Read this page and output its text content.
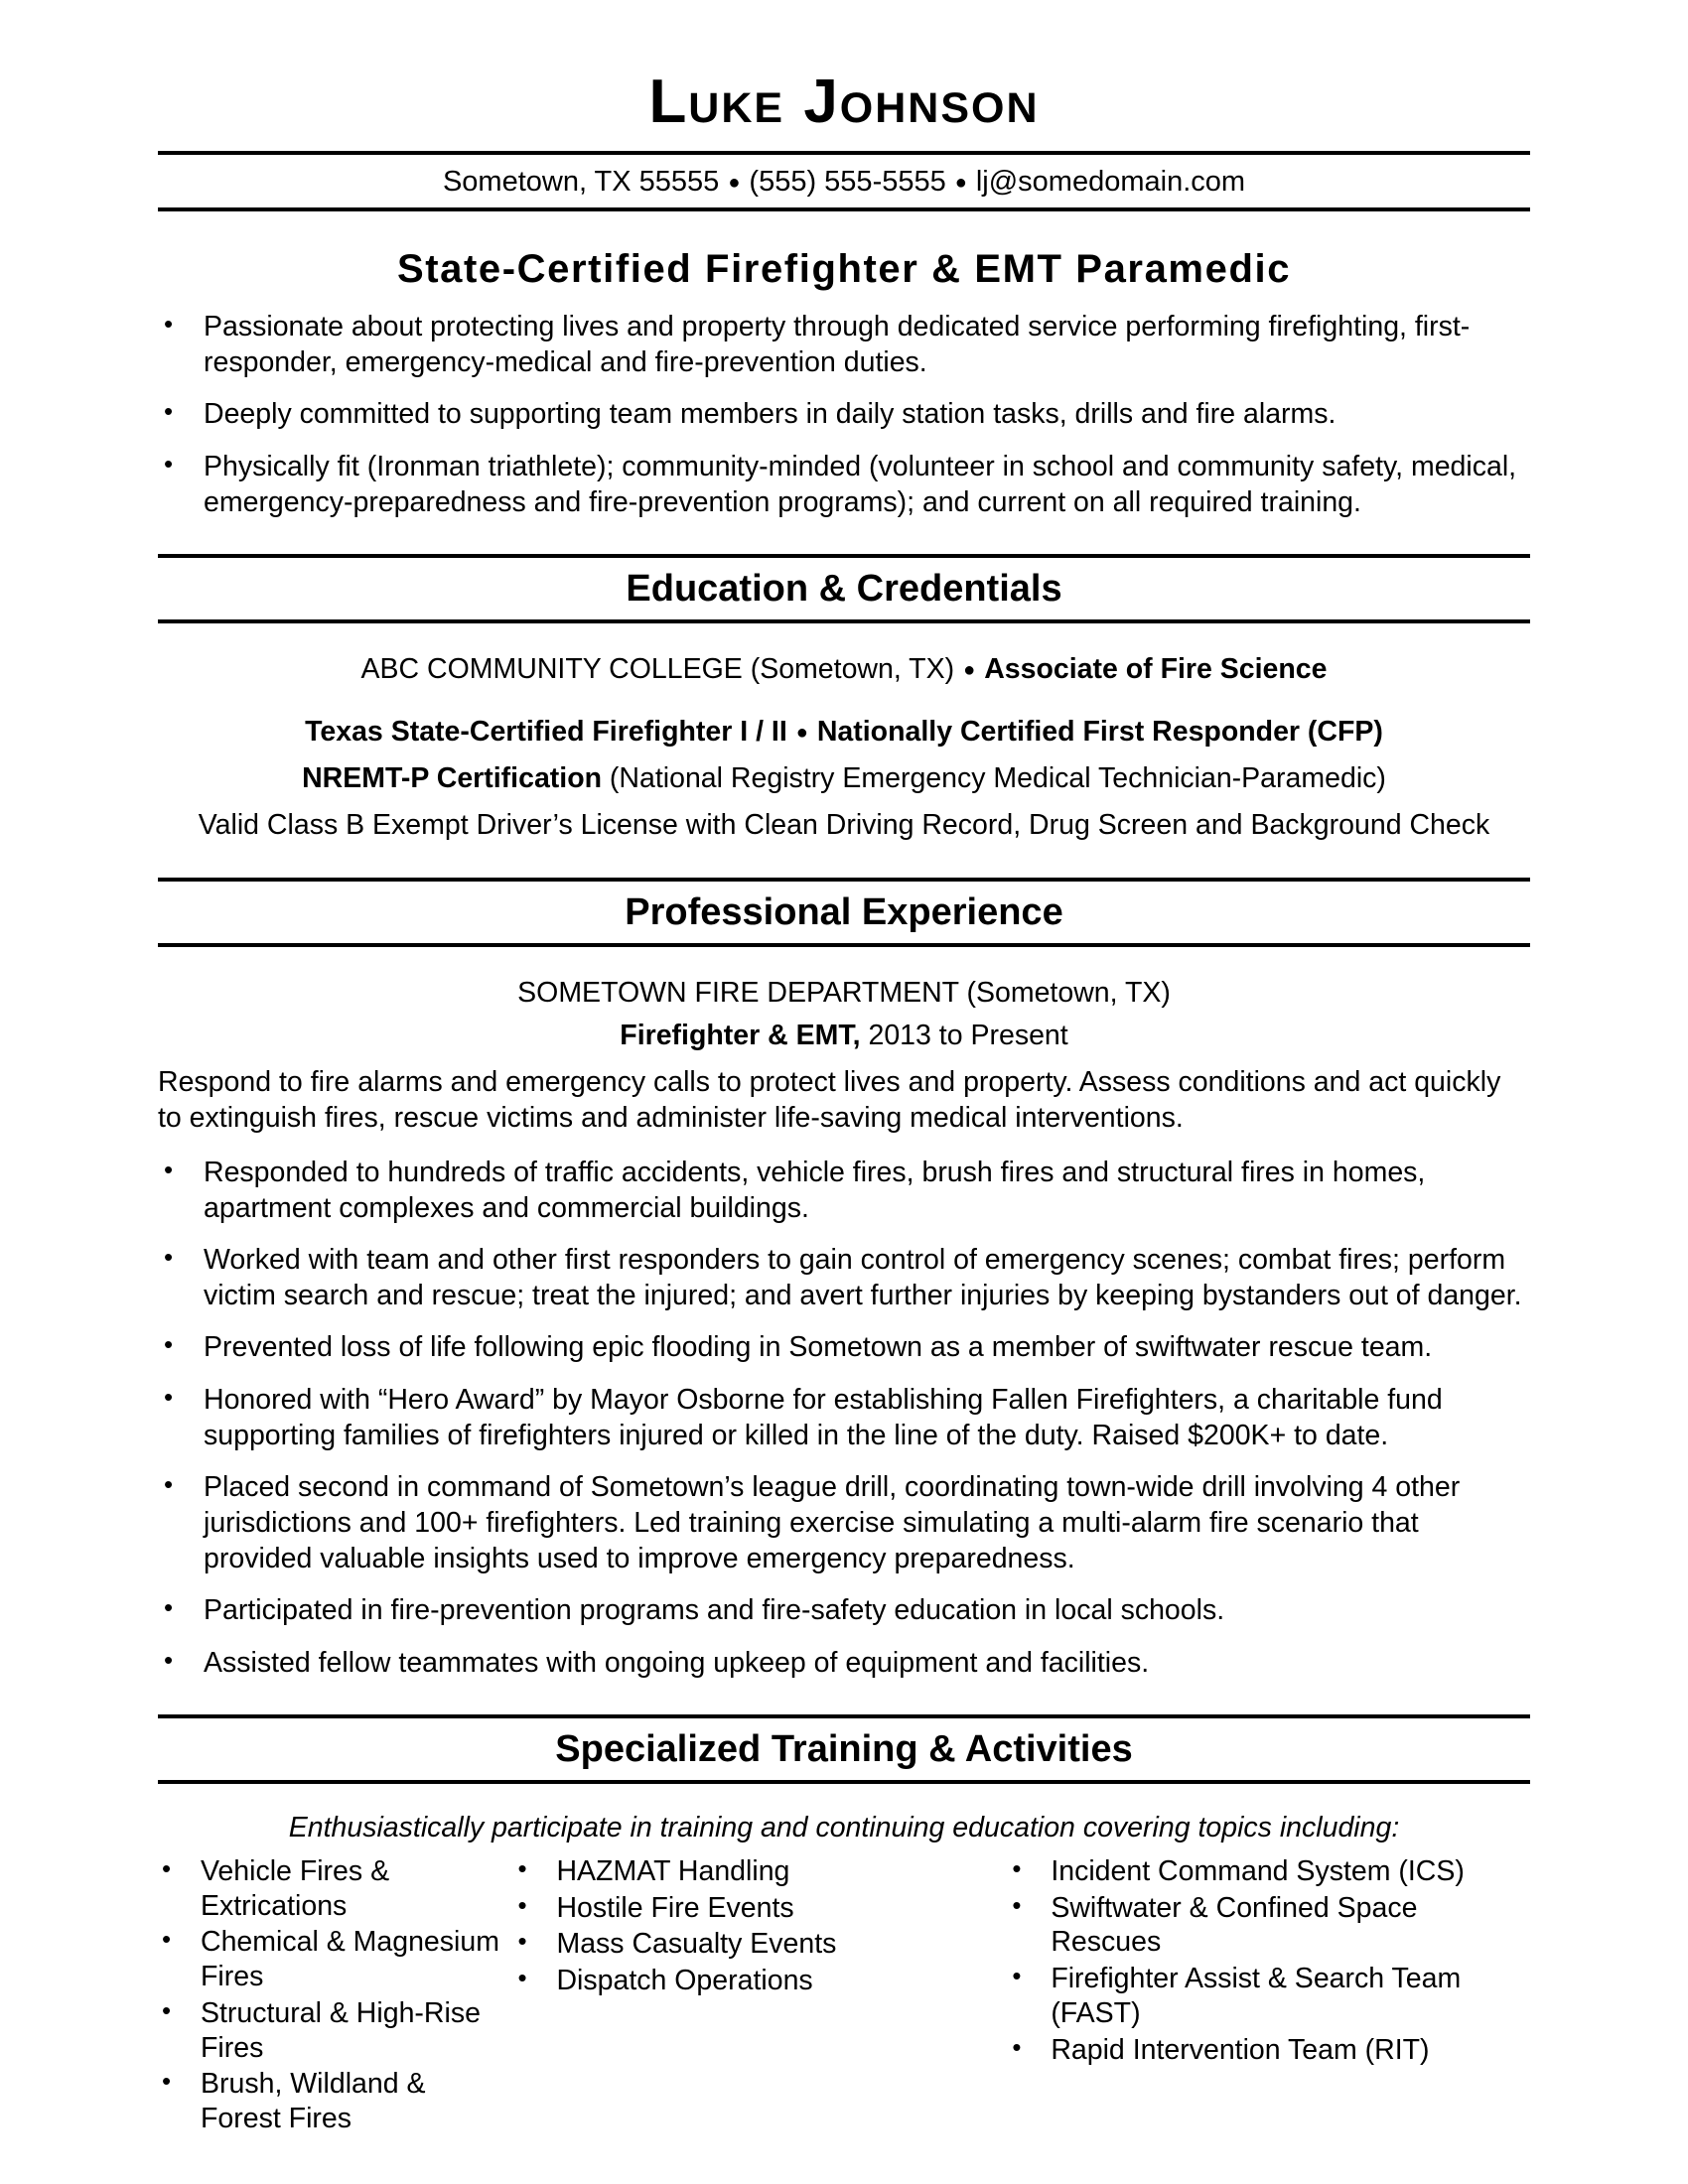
Luke Johnson
Sometown, TX 55555 ● (555) 555-5555 ● lj@somedomain.com
State-Certified Firefighter & EMT Paramedic
• Passionate about protecting lives and property through dedicated service performing firefighting, first-responder, emergency-medical and fire-prevention duties.
• Deeply committed to supporting team members in daily station tasks, drills and fire alarms.
• Physically fit (Ironman triathlete); community-minded (volunteer in school and community safety, medical, emergency-preparedness and fire-prevention programs); and current on all required training.
Education & Credentials
ABC COMMUNITY COLLEGE (Sometown, TX) ● Associate of Fire Science
Texas State-Certified Firefighter I / II ● Nationally Certified First Responder (CFP)
NREMT-P Certification (National Registry Emergency Medical Technician-Paramedic)
Valid Class B Exempt Driver’s License with Clean Driving Record, Drug Screen and Background Check
Professional Experience
SOMETOWN FIRE DEPARTMENT (Sometown, TX)
Firefighter & EMT, 2013 to Present
Respond to fire alarms and emergency calls to protect lives and property. Assess conditions and act quickly to extinguish fires, rescue victims and administer life-saving medical interventions.
• Responded to hundreds of traffic accidents, vehicle fires, brush fires and structural fires in homes, apartment complexes and commercial buildings.
• Worked with team and other first responders to gain control of emergency scenes; combat fires; perform victim search and rescue; treat the injured; and avert further injuries by keeping bystanders out of danger.
• Prevented loss of life following epic flooding in Sometown as a member of swiftwater rescue team.
• Honored with “Hero Award” by Mayor Osborne for establishing Fallen Firefighters, a charitable fund supporting families of firefighters injured or killed in the line of the duty. Raised $200K+ to date.
• Placed second in command of Sometown’s league drill, coordinating town-wide drill involving 4 other jurisdictions and 100+ firefighters. Led training exercise simulating a multi-alarm fire scenario that provided valuable insights used to improve emergency preparedness.
• Participated in fire-prevention programs and fire-safety education in local schools.
• Assisted fellow teammates with ongoing upkeep of equipment and facilities.
Specialized Training & Activities
Enthusiastically participate in training and continuing education covering topics including:
• Vehicle Fires & Extrications
• Chemical & Magnesium Fires
• Structural & High-Rise Fires
• Brush, Wildland & Forest Fires
• HAZMAT Handling
• Hostile Fire Events
• Mass Casualty Events
• Dispatch Operations
• Incident Command System (ICS)
• Swiftwater & Confined Space Rescues
• Firefighter Assist & Search Team (FAST)
• Rapid Intervention Team (RIT)
